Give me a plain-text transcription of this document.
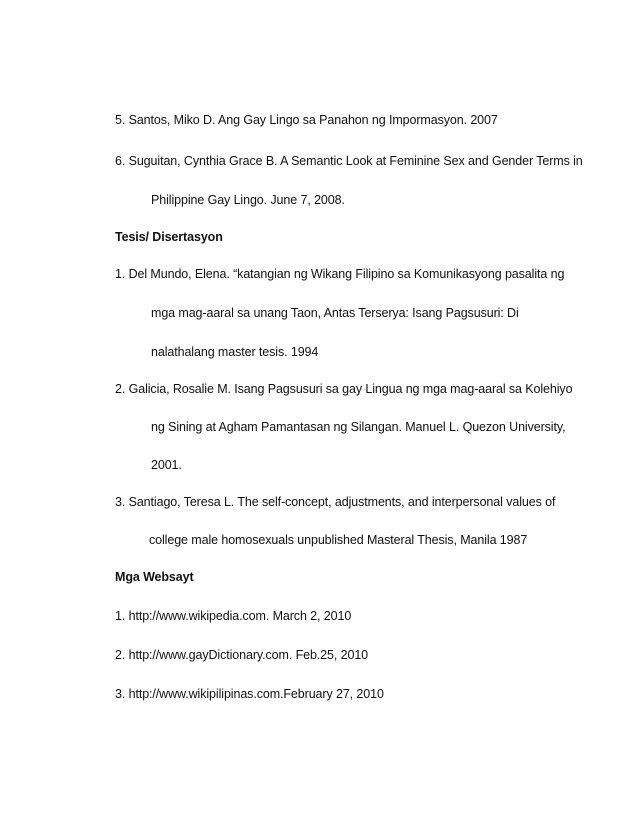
5. Santos, Miko D. Ang Gay Lingo sa Panahon ng Impormasyon. 2007
6. Suguitan, Cynthia Grace B. A Semantic Look at Feminine Sex and Gender Terms in
Philippine Gay Lingo. June 7, 2008.
Tesis/ Disertasyon
1. Del Mundo, Elena. “katangian ng Wikang Filipino sa Komunikasyong pasalita ng
mga mag-aaral sa unang Taon, Antas Terserya: Isang Pagsusuri: Di
nalathalang master tesis. 1994
2. Galicia, Rosalie M. Isang Pagsusuri sa gay Lingua ng mga mag-aaral sa Kolehiyo
ng Sining at Agham Pamantasan ng Silangan. Manuel L. Quezon University,
2001.
3. Santiago, Teresa L. The self-concept, adjustments, and interpersonal values of
college male homosexuals unpublished Masteral Thesis, Manila 1987
Mga Websayt
1. http://www.wikipedia.com. March 2, 2010
2. http://www.gayDictionary.com. Feb.25, 2010
3. http://www.wikipilipinas.com.February 27, 2010
